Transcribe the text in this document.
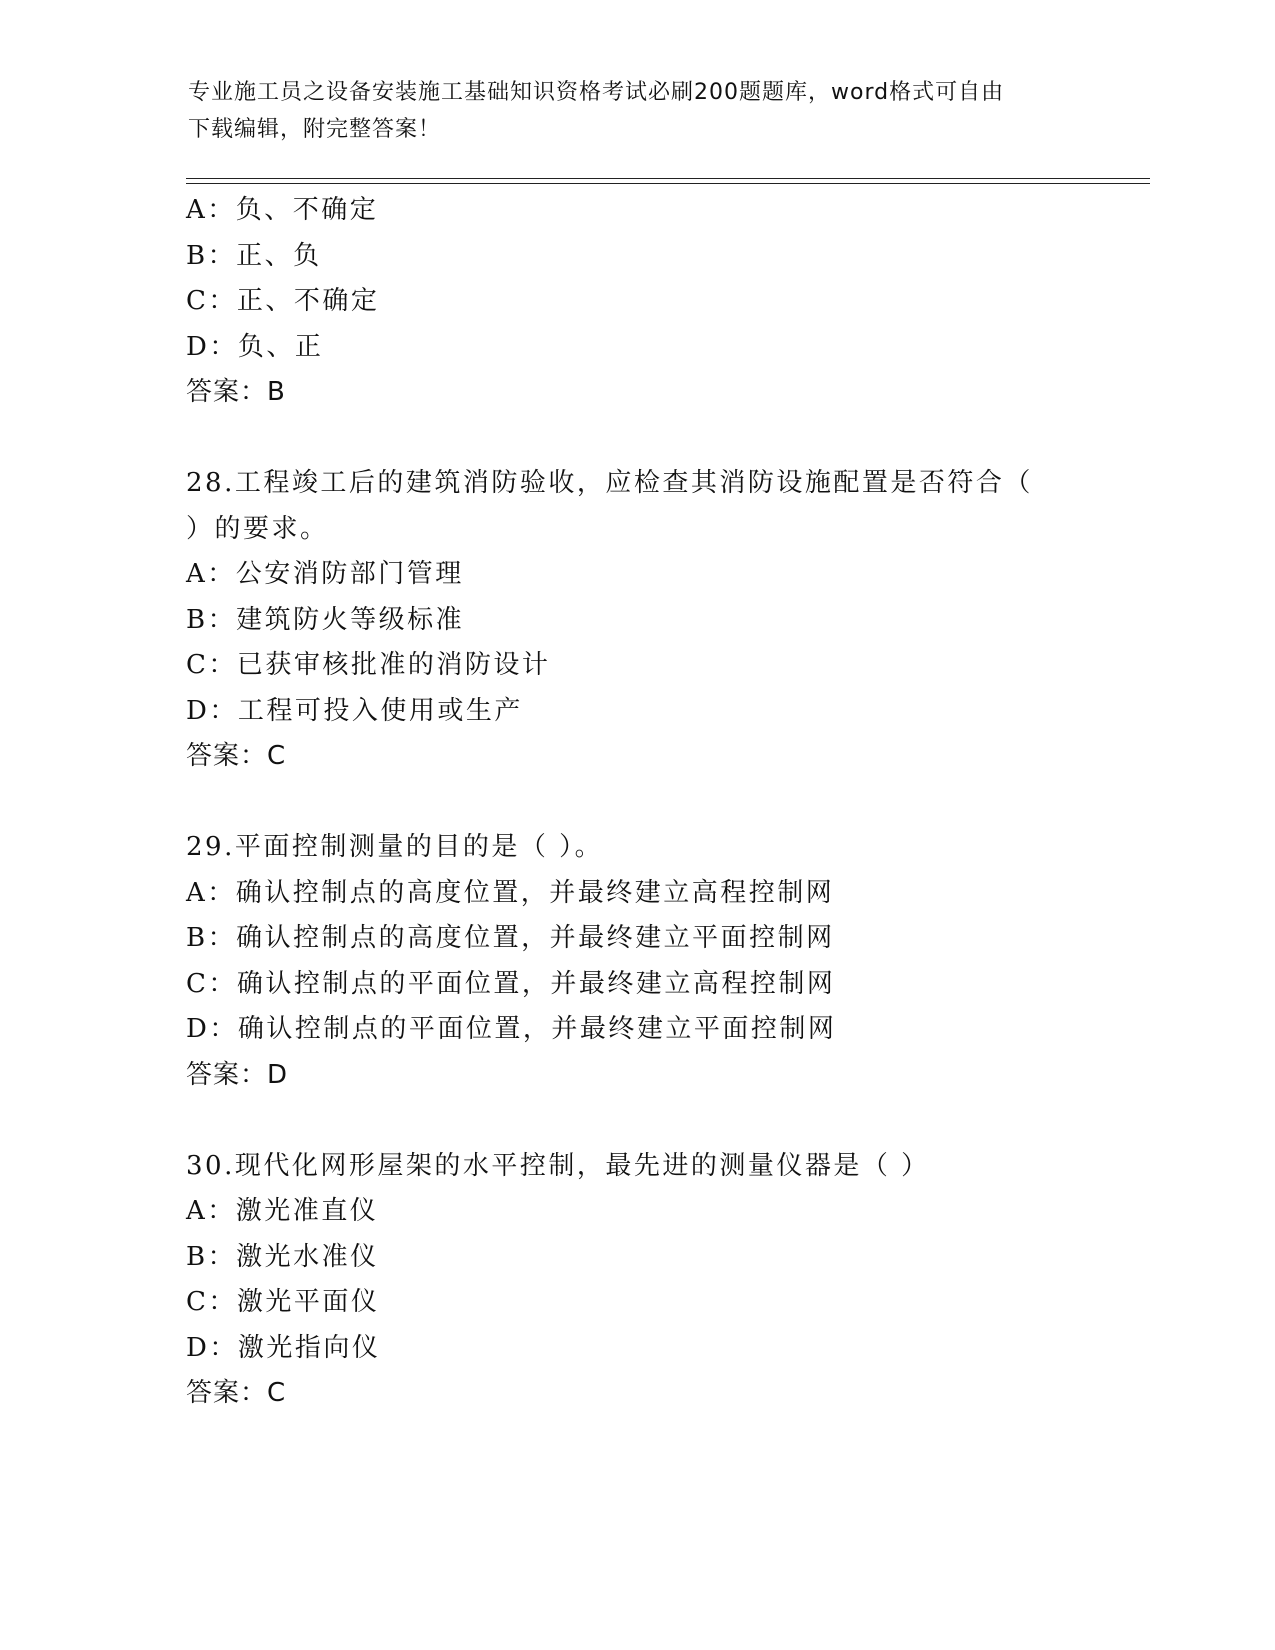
专业施工员之设备安装施工基础知识资格考试必刷200题题库，word格式可自由
下载编辑，附完整答案！
A：负、不确定
B：正、负
C：正、不确定
D：负、正
答案：B
28.工程竣工后的建筑消防验收，应检查其消防设施配置是否符合（
）的要求。
A：公安消防部门管理
B：建筑防火等级标准
C：已获审核批准的消防设计
D：工程可投入使用或生产
答案：C
29.平面控制测量的目的是（ ）。
A：确认控制点的高度位置，并最终建立高程控制网
B：确认控制点的高度位置，并最终建立平面控制网
C：确认控制点的平面位置，并最终建立高程控制网
D：确认控制点的平面位置，并最终建立平面控制网
答案：D
30.现代化网形屋架的水平控制，最先进的测量仪器是（ ）
A：激光准直仪
B：激光水准仪
C：激光平面仪
D：激光指向仪
答案：C
